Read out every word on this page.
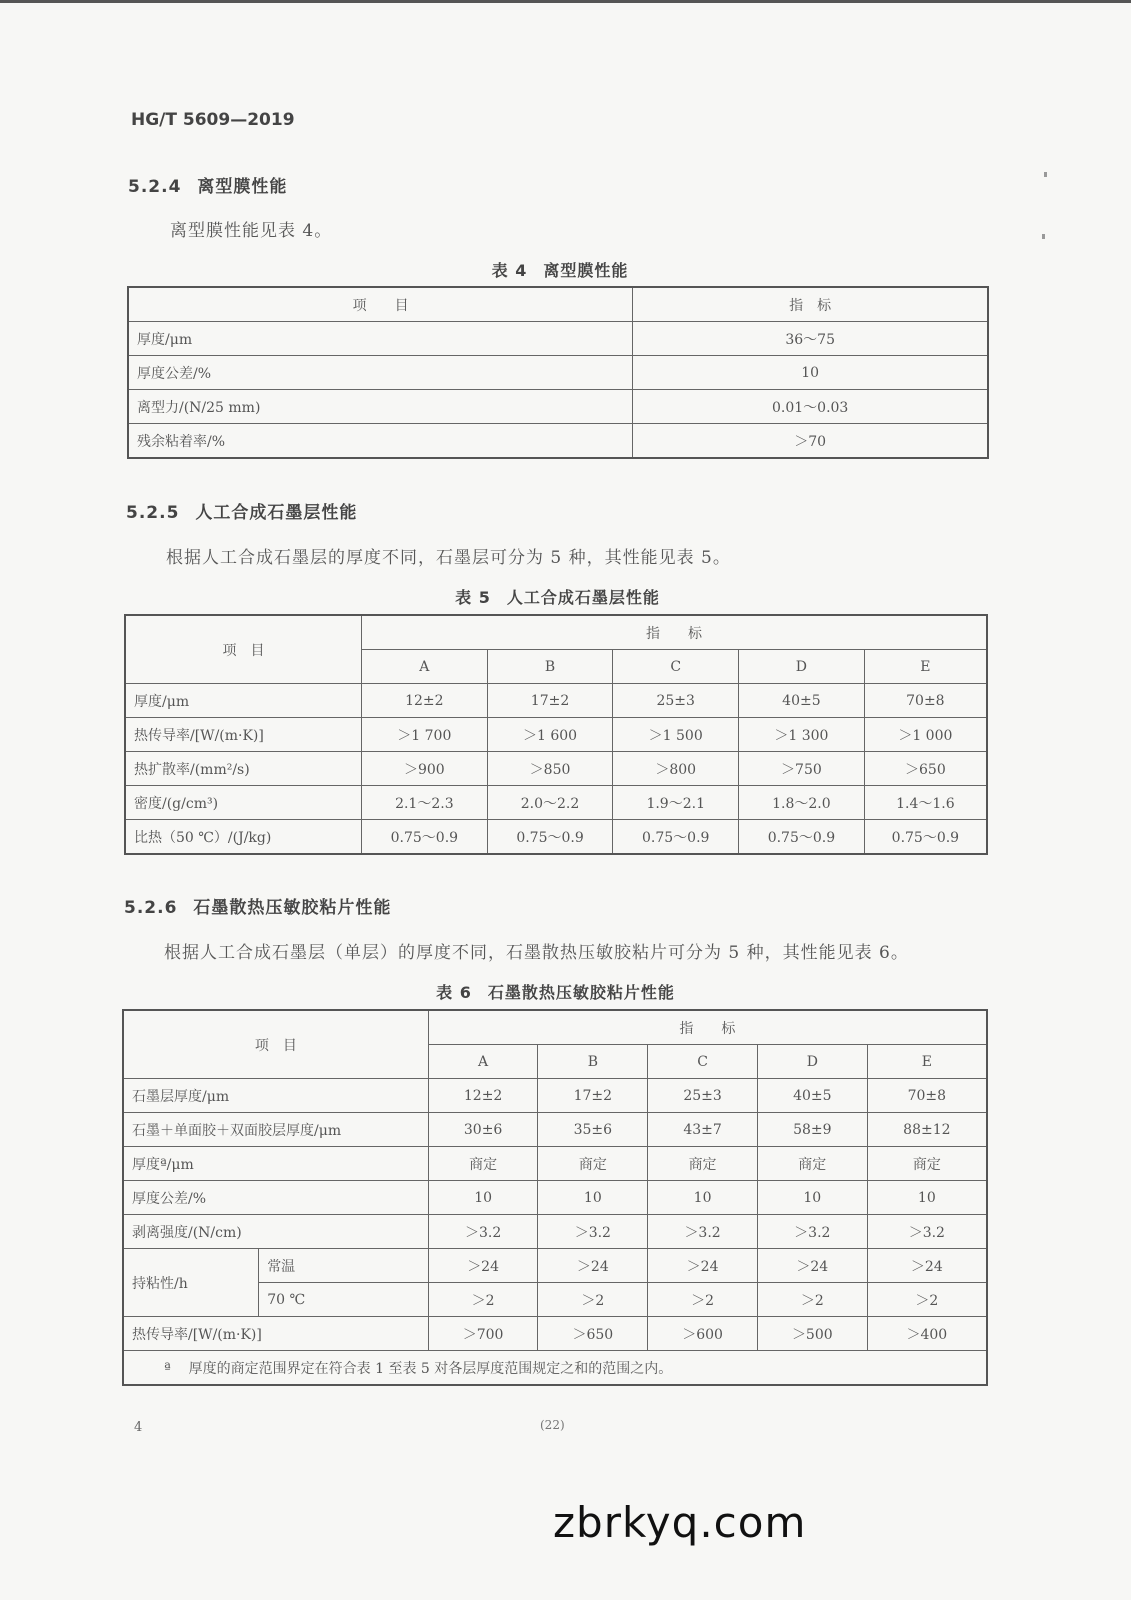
HG/T 5609—2019
5.2.4 离型膜性能
离型膜性能见表 4。
表 4 离型膜性能
项　　目	指　标
厚度/μm	36～75
厚度公差/%	10
离型力/(N/25 mm)	0.01～0.03
残余粘着率/%	＞70
5.2.5 人工合成石墨层性能
根据人工合成石墨层的厚度不同，石墨层可分为 5 种，其性能见表 5。
表 5 人工合成石墨层性能
项　目	指　　标				
	A	B	C	D	E
厚度/μm	12±2	17±2	25±3	40±5	70±8
热传导率/[W/(m·K)]	＞1 700	＞1 600	＞1 500	＞1 300	＞1 000
热扩散率/(mm²/s)	＞900	＞850	＞800	＞750	＞650
密度/(g/cm³)	2.1～2.3	2.0～2.2	1.9～2.1	1.8～2.0	1.4～1.6
比热（50 ℃）/(J/kg)	0.75～0.9	0.75～0.9	0.75～0.9	0.75～0.9	0.75～0.9
5.2.6 石墨散热压敏胶粘片性能
根据人工合成石墨层（单层）的厚度不同，石墨散热压敏胶粘片可分为 5 种，其性能见表 6。
表 6 石墨散热压敏胶粘片性能
项　目		指　　标				
		A	B	C	D	E
石墨层厚度/μm		12±2	17±2	25±3	40±5	70±8
石墨＋单面胶＋双面胶层厚度/μm		30±6	35±6	43±7	58±9	88±12
厚度ª/μm		商定	商定	商定	商定	商定
厚度公差/%		10	10	10	10	10
剥离强度/(N/cm)		＞3.2	＞3.2	＞3.2	＞3.2	＞3.2
持粘性/h	常温	＞24	＞24	＞24	＞24	＞24
	70 ℃	＞2	＞2	＞2	＞2	＞2
热传导率/[W/(m·K)]		＞700	＞650	＞600	＞500	＞400
ª 厚度的商定范围界定在符合表 1 至表 5 对各层厚度范围规定之和的范围之内。						
4	(22)
zbrkyq.com
